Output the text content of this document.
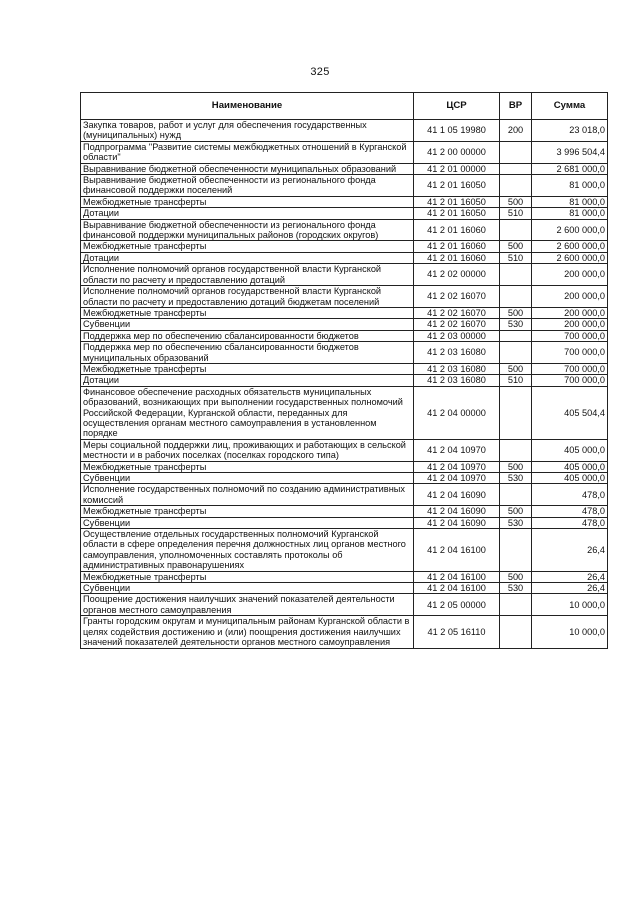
325
Наименование	ЦСР	ВР	Сумма
Закупка товаров, работ и услуг для обеспечения государственных (муниципальных) нужд	41 1 05 19980	200	23 018,0
Подпрограмма "Развитие системы межбюджетных отношений в Курганской области"	41 2 00 00000		3 996 504,4
Выравнивание бюджетной обеспеченности муниципальных образований	41 2 01 00000		2 681 000,0
Выравнивание бюджетной обеспеченности из регионального фонда финансовой поддержки поселений	41 2 01 16050		81 000,0
Межбюджетные трансферты	41 2 01 16050	500	81 000,0
Дотации	41 2 01 16050	510	81 000,0
Выравнивание бюджетной обеспеченности из регионального фонда финансовой поддержки муниципальных районов (городских округов)	41 2 01 16060		2 600 000,0
Межбюджетные трансферты	41 2 01 16060	500	2 600 000,0
Дотации	41 2 01 16060	510	2 600 000,0
Исполнение полномочий органов государственной власти Курганской области по расчету и предоставлению дотаций	41 2 02 00000		200 000,0
Исполнение полномочий органов государственной власти Курганской области по расчету и предоставлению дотаций бюджетам поселений	41 2 02 16070		200 000,0
Межбюджетные трансферты	41 2 02 16070	500	200 000,0
Субвенции	41 2 02 16070	530	200 000,0
Поддержка мер по обеспечению сбалансированности бюджетов	41 2 03 00000		700 000,0
Поддержка мер по обеспечению сбалансированности бюджетов муниципальных образований	41 2 03 16080		700 000,0
Межбюджетные трансферты	41 2 03 16080	500	700 000,0
Дотации	41 2 03 16080	510	700 000,0
Финансовое обеспечение расходных обязательств муниципальных образований, возникающих при выполнении государственных полномочий Российской Федерации, Курганской области, переданных для осуществления органам местного самоуправления в установленном порядке	41 2 04 00000		405 504,4
Меры социальной поддержки лиц, проживающих и работающих в сельской местности и в рабочих поселках (поселках городского типа)	41 2 04 10970		405 000,0
Межбюджетные трансферты	41 2 04 10970	500	405 000,0
Субвенции	41 2 04 10970	530	405 000,0
Исполнение государственных полномочий по созданию административных комиссий	41 2 04 16090		478,0
Межбюджетные трансферты	41 2 04 16090	500	478,0
Субвенции	41 2 04 16090	530	478,0
Осуществление отдельных государственных полномочий Курганской области в сфере определения перечня должностных лиц органов местного самоуправления, уполномоченных составлять протоколы об административных правонарушениях	41 2 04 16100		26,4
Межбюджетные трансферты	41 2 04 16100	500	26,4
Субвенции	41 2 04 16100	530	26,4
Поощрение достижения наилучших значений показателей деятельности органов местного самоуправления	41 2 05 00000		10 000,0
Гранты городским округам и муниципальным районам Курганской области в целях содействия достижению и (или) поощрения достижения наилучших значений показателей деятельности органов местного самоуправления	41 2 05 16110		10 000,0
